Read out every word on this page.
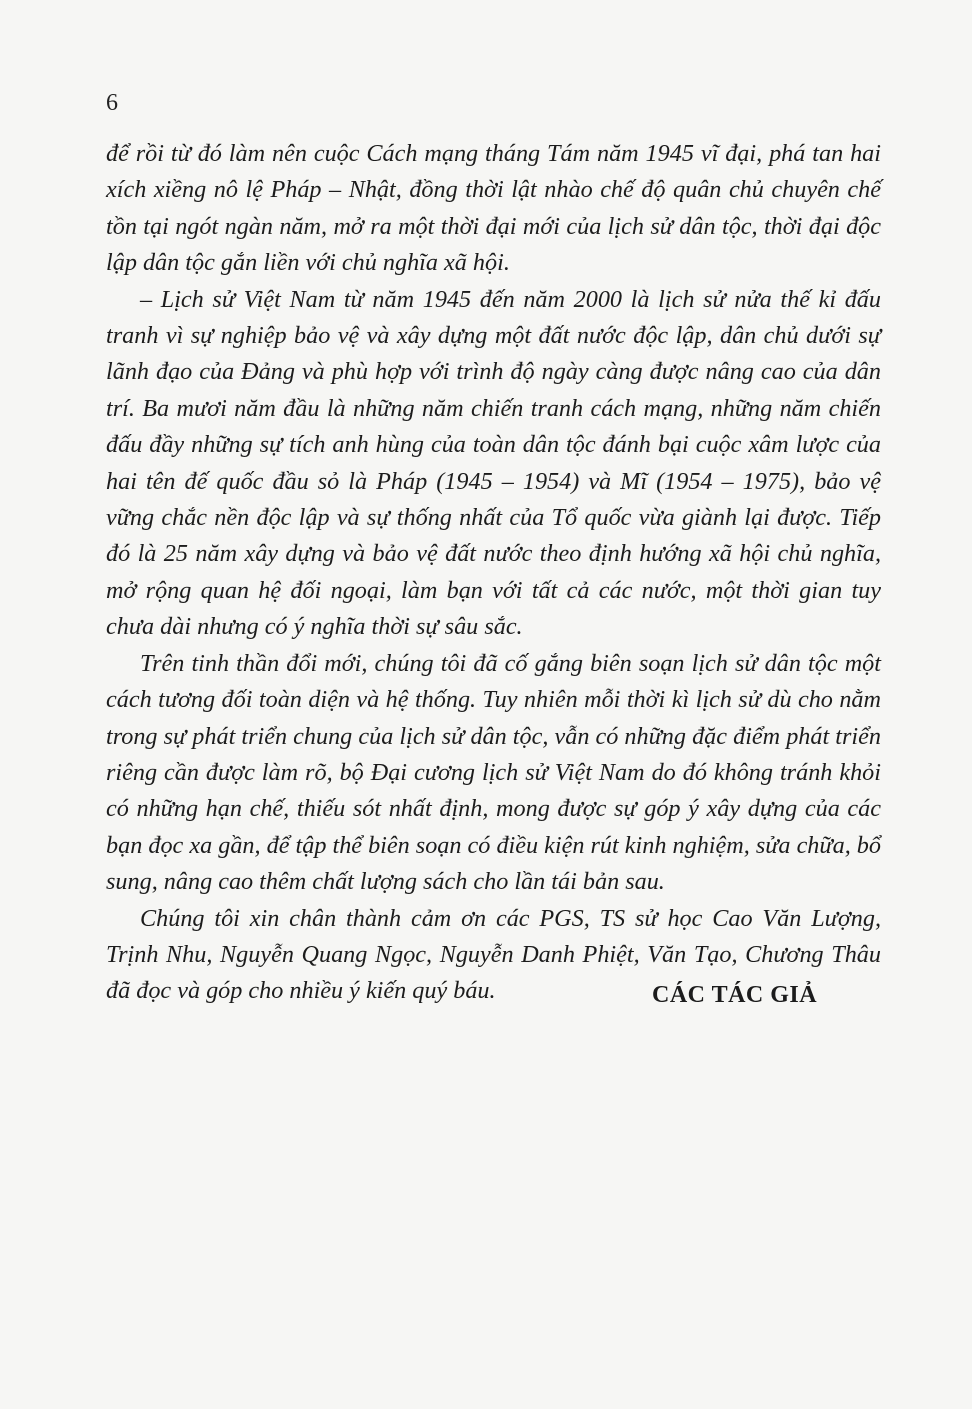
6

để rồi từ đó làm nên cuộc Cách mạng tháng Tám năm 1945 vĩ đại, phá tan hai xích xiềng nô lệ Pháp – Nhật, đồng thời lật nhào chế độ quân chủ chuyên chế tồn tại ngót ngàn năm, mở ra một thời đại mới của lịch sử dân tộc, thời đại độc lập dân tộc gắn liền với chủ nghĩa xã hội.

– Lịch sử Việt Nam từ năm 1945 đến năm 2000 là lịch sử nửa thế kỉ đấu tranh vì sự nghiệp bảo vệ và xây dựng một đất nước độc lập, dân chủ dưới sự lãnh đạo của Đảng và phù hợp với trình độ ngày càng được nâng cao của dân trí. Ba mươi năm đầu là những năm chiến tranh cách mạng, những năm chiến đấu đầy những sự tích anh hùng của toàn dân tộc đánh bại cuộc xâm lược của hai tên đế quốc đầu sỏ là Pháp (1945 – 1954) và Mĩ (1954 – 1975), bảo vệ vững chắc nền độc lập và sự thống nhất của Tổ quốc vừa giành lại được. Tiếp đó là 25 năm xây dựng và bảo vệ đất nước theo định hướng xã hội chủ nghĩa, mở rộng quan hệ đối ngoại, làm bạn với tất cả các nước, một thời gian tuy chưa dài nhưng có ý nghĩa thời sự sâu sắc.

Trên tinh thần đổi mới, chúng tôi đã cố gắng biên soạn lịch sử dân tộc một cách tương đối toàn diện và hệ thống. Tuy nhiên mỗi thời kì lịch sử dù cho nằm trong sự phát triển chung của lịch sử dân tộc, vẫn có những đặc điểm phát triển riêng cần được làm rõ, bộ Đại cương lịch sử Việt Nam do đó không tránh khỏi có những hạn chế, thiếu sót nhất định, mong được sự góp ý xây dựng của các bạn đọc xa gần, để tập thể biên soạn có điều kiện rút kinh nghiệm, sửa chữa, bổ sung, nâng cao thêm chất lượng sách cho lần tái bản sau.

Chúng tôi xin chân thành cảm ơn các PGS, TS sử học Cao Văn Lượng, Trịnh Nhu, Nguyễn Quang Ngọc, Nguyễn Danh Phiệt, Văn Tạo, Chương Thâu đã đọc và góp cho nhiều ý kiến quý báu.	CÁC TÁC GIẢ
